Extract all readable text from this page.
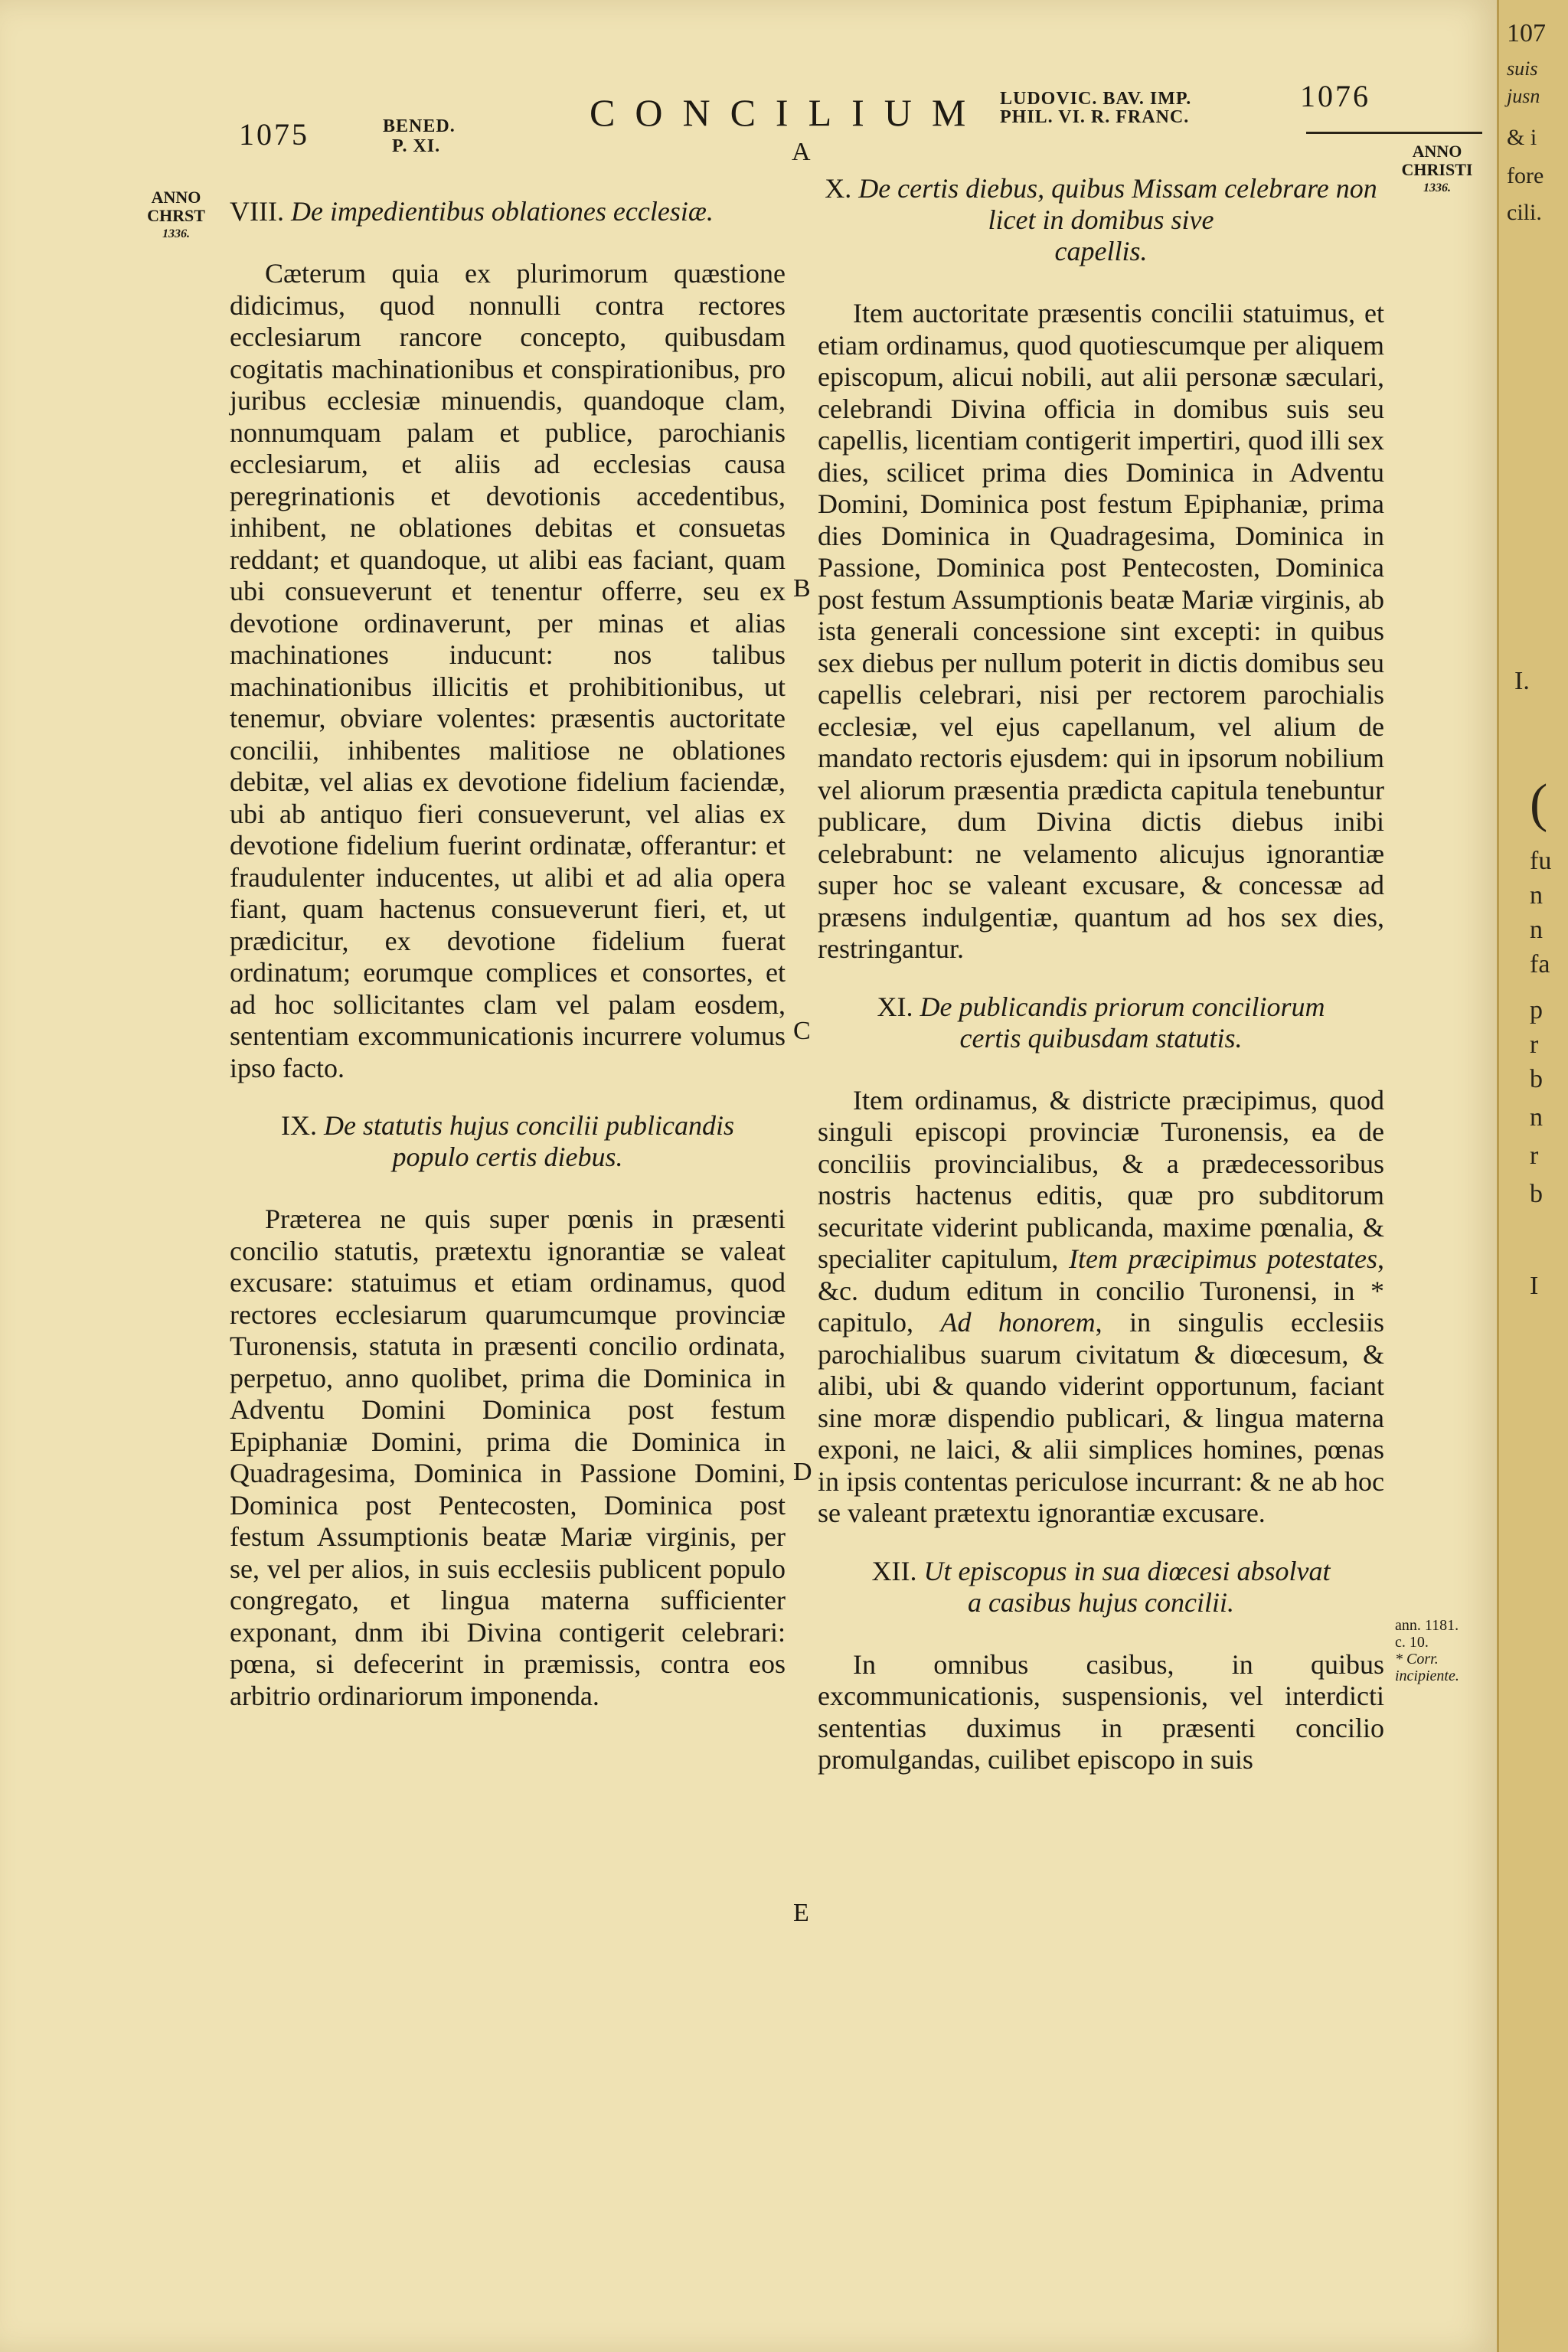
1075	BENED.
P. XI.
CONCILIUM LUDOVIC. BAV. IMP.
PHIL. VI. R. FRANC.
1076
ANNO
CHRST
1336.
ANNO
CHRISTI
1336.
A
B
C
D
E
VIII. De impedientibus oblationes ecclesiæ.

Cæterum quia ex plurimorum quæstione didicimus, quod nonnulli contra rectores ecclesiarum rancore concepto, quibusdam cogitatis machinationibus et conspirationibus, pro juribus ecclesiæ minuendis, quandoque clam, nonnumquam palam et publice, parochianis ecclesiarum, et aliis ad ecclesias causa peregrinationis et devotionis accedentibus, inhibent, ne oblationes debitas et consuetas reddant; et quandoque, ut alibi eas faciant, quam ubi consueverunt et tenentur offerre, seu ex devotione ordinaverunt, per minas et alias machinationes inducunt: nos talibus machinationibus illicitis et prohibitionibus, ut tenemur, obviare volentes: præsentis auctoritate concilii, inhibentes malitiose ne oblationes debitæ, vel alias ex devotione fidelium faciendæ, ubi ab antiquo fieri consueverunt, vel alias ex devotione fidelium fuerint ordinatæ, offerantur: et fraudulenter inducentes, ut alibi et ad alia opera fiant, quam hactenus consueverunt fieri, et, ut prædicitur, ex devotione fidelium fuerat ordinatum; eorumque complices et consortes, et ad hoc sollicitantes clam vel palam eosdem, sententiam excommunicationis incurrere volumus ipso facto.

IX. De statutis hujus concilii publicandis
populo certis diebus.

Præterea ne quis super pœnis in præsenti concilio statutis, prætextu ignorantiæ se valeat excusare: statuimus et etiam ordinamus, quod rectores ecclesiarum quarumcumque provinciæ Turonensis, statuta in præsenti concilio ordinata, perpetuo, anno quolibet, prima die Dominica in Adventu Domini Dominica post festum Epiphaniæ Domini, prima die Dominica in Quadragesima, Dominica in Passione Domini, Dominica post Pentecosten, Dominica post festum Assumptionis beatæ Mariæ virginis, per se, vel per alios, in suis ecclesiis publicent populo congregato, et lingua materna sufficienter exponant, dnm ibi Divina contigerit celebrari: pœna, si defecerint in præmissis, contra eos arbitrio ordinariorum imponenda.

X. De certis diebus, quibus Missam celebrare non licet in domibus sive
capellis.

Item auctoritate præsentis concilii statuimus, et etiam ordinamus, quod quotiescumque per aliquem episcopum, alicui nobili, aut alii personæ sæculari, celebrandi Divina officia in domibus suis seu capellis, licentiam contigerit impertiri, quod illi sex dies, scilicet prima dies Dominica in Adventu Domini, Dominica post festum Epiphaniæ, prima dies Dominica in Quadragesima, Dominica in Passione, Dominica post Pentecosten, Dominica post festum Assumptionis beatæ Mariæ virginis, ab ista generali concessione sint excepti: in quibus sex diebus per nullum poterit in dictis domibus seu capellis celebrari, nisi per rectorem parochialis ecclesiæ, vel ejus capellanum, vel alium de mandato rectoris ejusdem: qui in ipsorum nobilium vel aliorum præsentia prædicta capitula tenebuntur publicare, dum Divina dictis diebus inibi celebrabunt: ne velamento alicujus ignorantiæ super hoc se valeant excusare, & concessæ ad præsens indulgentiæ, quantum ad hos sex dies, restringantur.

XI. De publicandis priorum conciliorum
certis quibusdam statutis.

Item ordinamus, & districte præcipimus, quod singuli episcopi provinciæ Turonensis, ea de conciliis provincialibus, & a prædecessoribus nostris hactenus editis, quæ pro subditorum securitate viderint publicanda, maxime pœnalia, & specialiter capitulum, Item præcipimus potestates, &c. dudum editum in concilio Turonensi, in * capitulo, Ad honorem, in singulis ecclesiis parochialibus suarum civitatum & diœcesum, & alibi, ubi & quando viderint opportunum, faciant sine moræ dispendio publicari, & lingua materna exponi, ne laici, & alii simplices homines, pœnas in ipsis contentas periculose incurrant: & ne ab hoc se valeant prætextu ignorantiæ excusare.

XII. Ut episcopus in sua diœcesi absolvat
a casibus hujus concilii.

In omnibus casibus, in quibus excommunicationis, suspensionis, vel interdicti sententias duximus in præsenti concilio promulgandas, cuilibet episcopo in suis

ann. 1181.
c. 10.
* Corr. incipiente.
107
suis
jusn
& i
fore
cili.
I.
(
fu
n
n
fa
p
r
b
n
r
b
I
